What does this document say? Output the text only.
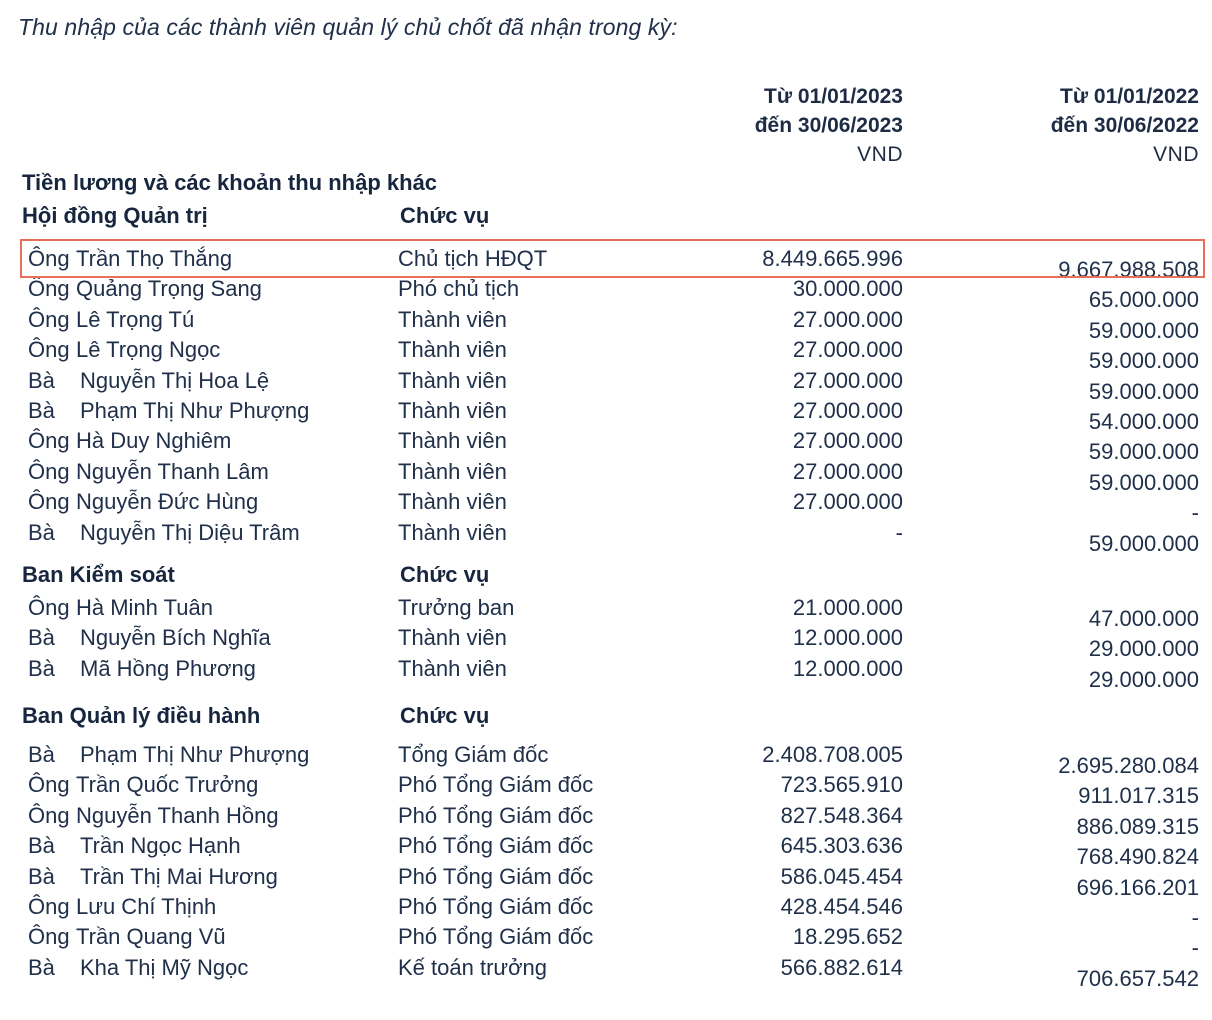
Thu nhập của các thành viên quản lý chủ chốt đã nhận trong kỳ:
Từ 01/01/2023
đến 30/06/2023
VND
Từ 01/01/2022
đến 30/06/2022
VND
Tiền lương và các khoản thu nhập khác
Hội đồng Quản trị	Chức vụ
Ban Kiểm soát	Chức vụ
Ban Quản lý điều hành	Chức vụ
Ông Trần Thọ Thắng	Chủ tịch HĐQT	8.449.665.996	9.667.988.508
Ông Quảng Trọng Sang	Phó chủ tịch	30.000.000	65.000.000
Ông Lê Trọng Tú	Thành viên	27.000.000	59.000.000
Ông Lê Trọng Ngọc	Thành viên	27.000.000	59.000.000
Bà	Nguyễn Thị Hoa Lệ	Thành viên	27.000.000	59.000.000
Bà	Phạm Thị Như Phượng	Thành viên	27.000.000	54.000.000
Ông Hà Duy Nghiêm	Thành viên	27.000.000	59.000.000
Ông Nguyễn Thanh Lâm	Thành viên	27.000.000	59.000.000
Ông Nguyễn Đức Hùng	Thành viên	27.000.000	-
Bà	Nguyễn Thị Diệu Trâm	Thành viên	-	59.000.000
Ông Hà Minh Tuân	Trưởng ban	21.000.000	47.000.000
Bà	Nguyễn Bích Nghĩa	Thành viên	12.000.000	29.000.000
Bà	Mã Hồng Phương	Thành viên	12.000.000	29.000.000
Bà	Phạm Thị Như Phượng	Tổng Giám đốc	2.408.708.005	2.695.280.084
Ông Trần Quốc Trưởng	Phó Tổng Giám đốc	723.565.910	911.017.315
Ông Nguyễn Thanh Hồng	Phó Tổng Giám đốc	827.548.364	886.089.315
Bà	Trần Ngọc Hạnh	Phó Tổng Giám đốc	645.303.636	768.490.824
Bà	Trần Thị Mai Hương	Phó Tổng Giám đốc	586.045.454	696.166.201
Ông Lưu Chí Thịnh	Phó Tổng Giám đốc	428.454.546	-
Ông Trần Quang Vũ	Phó Tổng Giám đốc	18.295.652	-
Bà	Kha Thị Mỹ Ngọc	Kế toán trưởng	566.882.614	706.657.542
